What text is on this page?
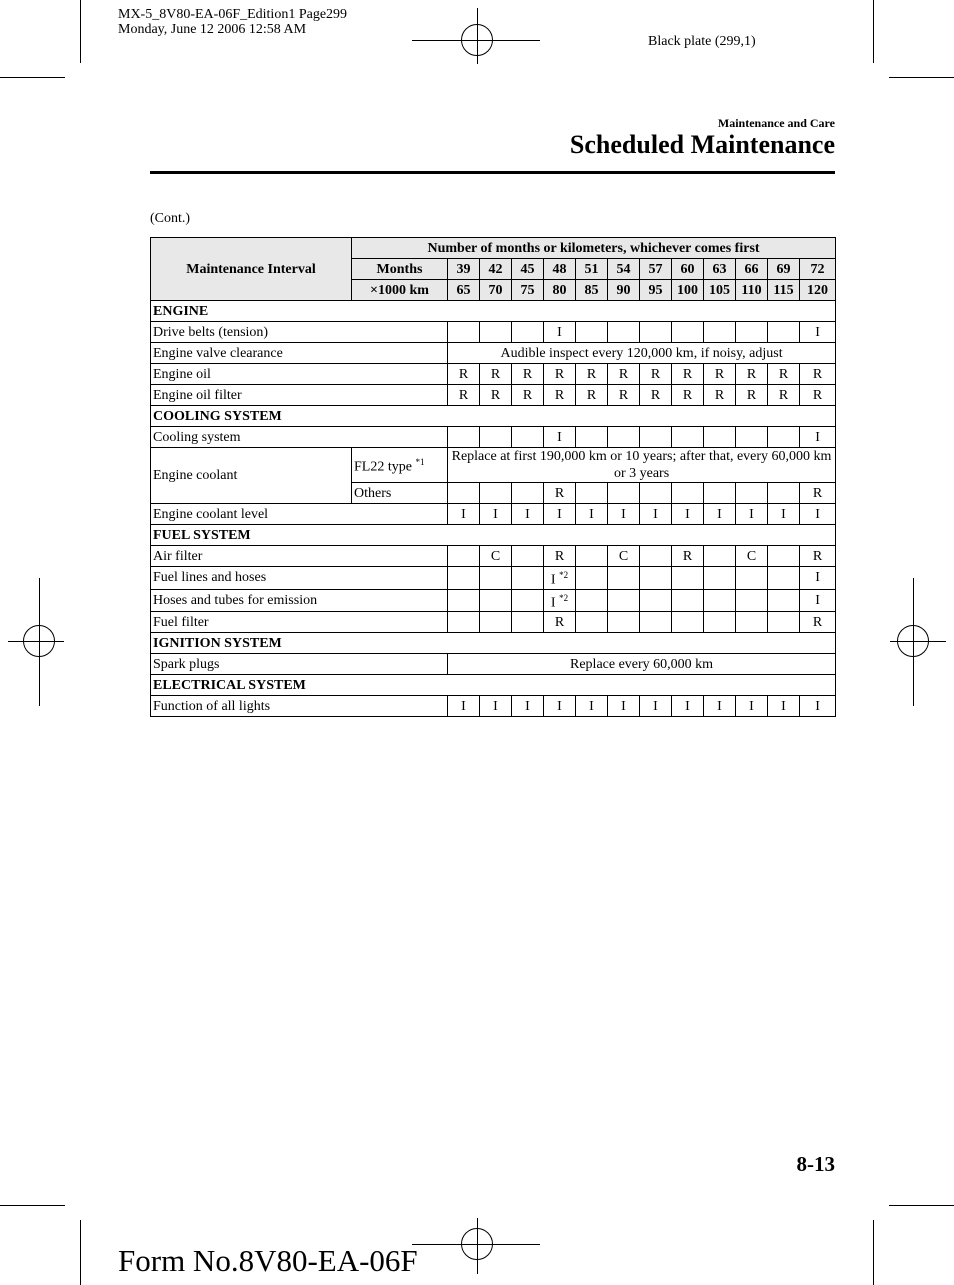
MX-5_8V80-EA-06F_Edition1 Page299
Monday, June 12 2006 12:58 AM
Black plate (299,1)
Maintenance and Care
Scheduled Maintenance
(Cont.)
Maintenance Interval	Number of months or kilometers, whichever comes first												
	Months	39	42	45	48	51	54	57	60	63	66	69	72
	×1000 km	65	70	75	80	85	90	95	100	105	110	115	120
ENGINE													
Drive belts (tension)					I								I
Engine valve clearance		Audible inspect every 120,000 km, if noisy, adjust											
Engine oil		R	R	R	R	R	R	R	R	R	R	R	R
Engine oil filter		R	R	R	R	R	R	R	R	R	R	R	R
COOLING SYSTEM													
Cooling system					I								I
Engine coolant	FL22 type $^{*1}$	Replace at first 190,000 km or 10 years; after that, every 60,000 km or 3 years											
	Others				R								R
Engine coolant level		I	I	I	I	I	I	I	I	I	I	I	I
FUEL SYSTEM													
Air filter			C		R		C		R		C		R
Fuel lines and hoses					I $^{*2}$								I
Hoses and tubes for emission					I $^{*2}$								I
Fuel filter					R								R
IGNITION SYSTEM													
Spark plugs		Replace every 60,000 km											
ELECTRICAL SYSTEM													
Function of all lights		I	I	I	I	I	I	I	I	I	I	I	I
8-13
Form No.8V80-EA-06F
